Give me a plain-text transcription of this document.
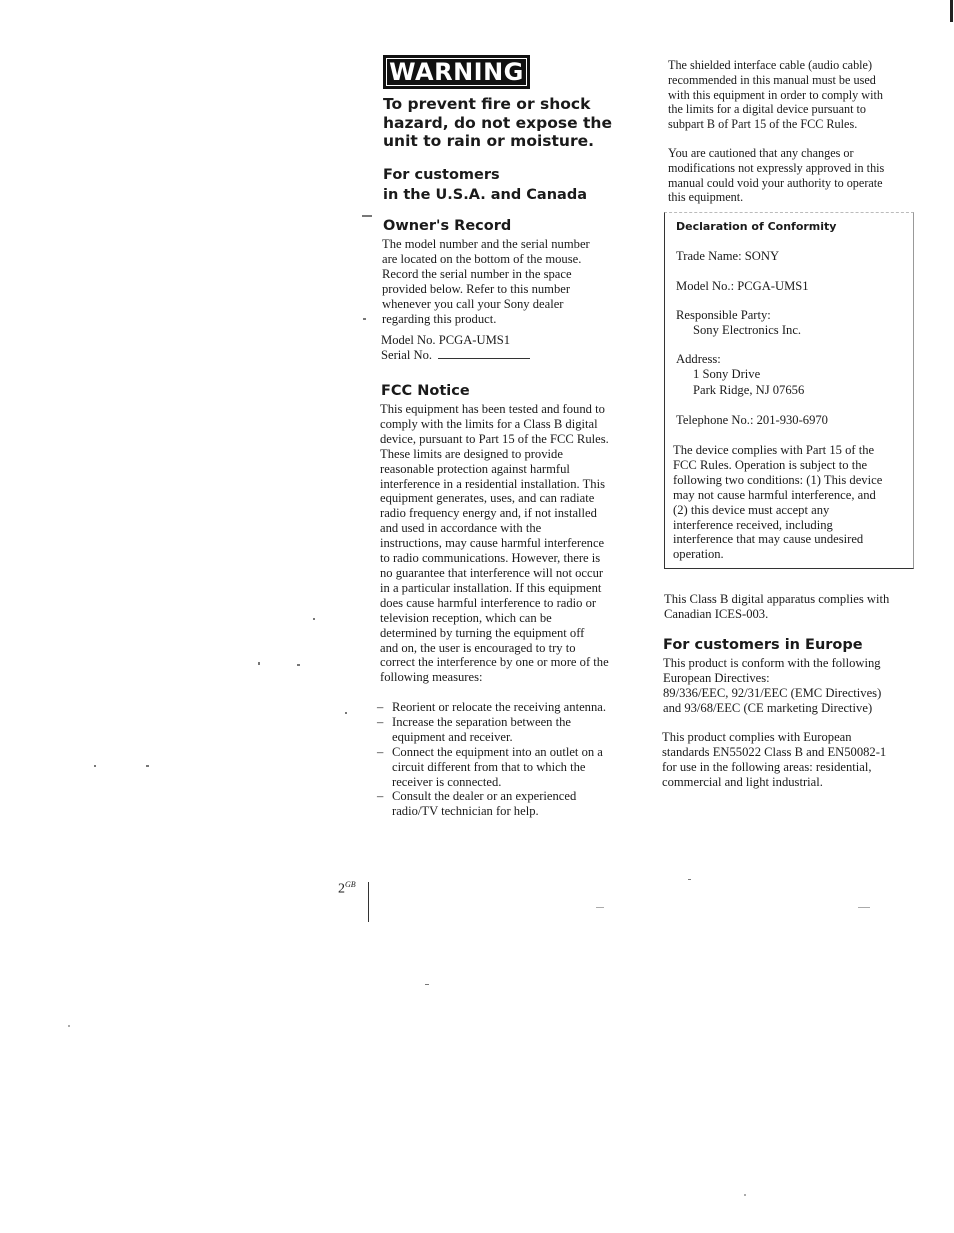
WARNING
To prevent fire or shock hazard, do not expose the unit to rain or moisture.
For customers
in the U.S.A. and Canada
Owner's Record
The model number and the serial number
are located on the bottom of the mouse.
Record the serial number in the space
provided below. Refer to this number
whenever you call your Sony dealer
regarding this product.
Model No. PCGA-UMS1
Serial No.
FCC Notice
This equipment has been tested and found to
comply with the limits for a Class B digital
device, pursuant to Part 15 of the FCC Rules.
These limits are designed to provide
reasonable protection against harmful
interference in a residential installation. This
equipment generates, uses, and can radiate
radio frequency energy and, if not installed
and used in accordance with the
instructions, may cause harmful interference
to radio communications. However, there is
no guarantee that interference will not occur
in a particular installation. If this equipment
does cause harmful interference to radio or
television reception, which can be
determined by turning the equipment off
and on, the user is encouraged to try to
correct the interference by one or more of the
following measures:
– Reorient or relocate the receiving antenna.
– Increase the separation between the
equipment and receiver.
– Connect the equipment into an outlet on a
circuit different from that to which the
receiver is connected.
– Consult the dealer or an experienced
radio/TV technician for help.
$2^{GB}$
The shielded interface cable (audio cable)
recommended in this manual must be used
with this equipment in order to comply with
the limits for a digital device pursuant to
subpart B of Part 15 of the FCC Rules.
You are cautioned that any changes or
modifications not expressly approved in this
manual could void your authority to operate
this equipment.
Declaration of Conformity
Trade Name: SONY
Model No.: PCGA-UMS1
Responsible Party:
Sony Electronics Inc.
Address:
1 Sony Drive
Park Ridge, NJ 07656
Telephone No.: 201-930-6970
The device complies with Part 15 of the
FCC Rules. Operation is subject to the
following two conditions: (1) This device
may not cause harmful interference, and
(2) this device must accept any
interference received, including
interference that may cause undesired
operation.
This Class B digital apparatus complies with
Canadian ICES-003.
For customers in Europe
This product is conform with the following
European Directives:
89/336/EEC, 92/31/EEC (EMC Directives)
and 93/68/EEC (CE marketing Directive)
This product complies with European
standards EN55022 Class B and EN50082-1
for use in the following areas: residential,
commercial and light industrial.
